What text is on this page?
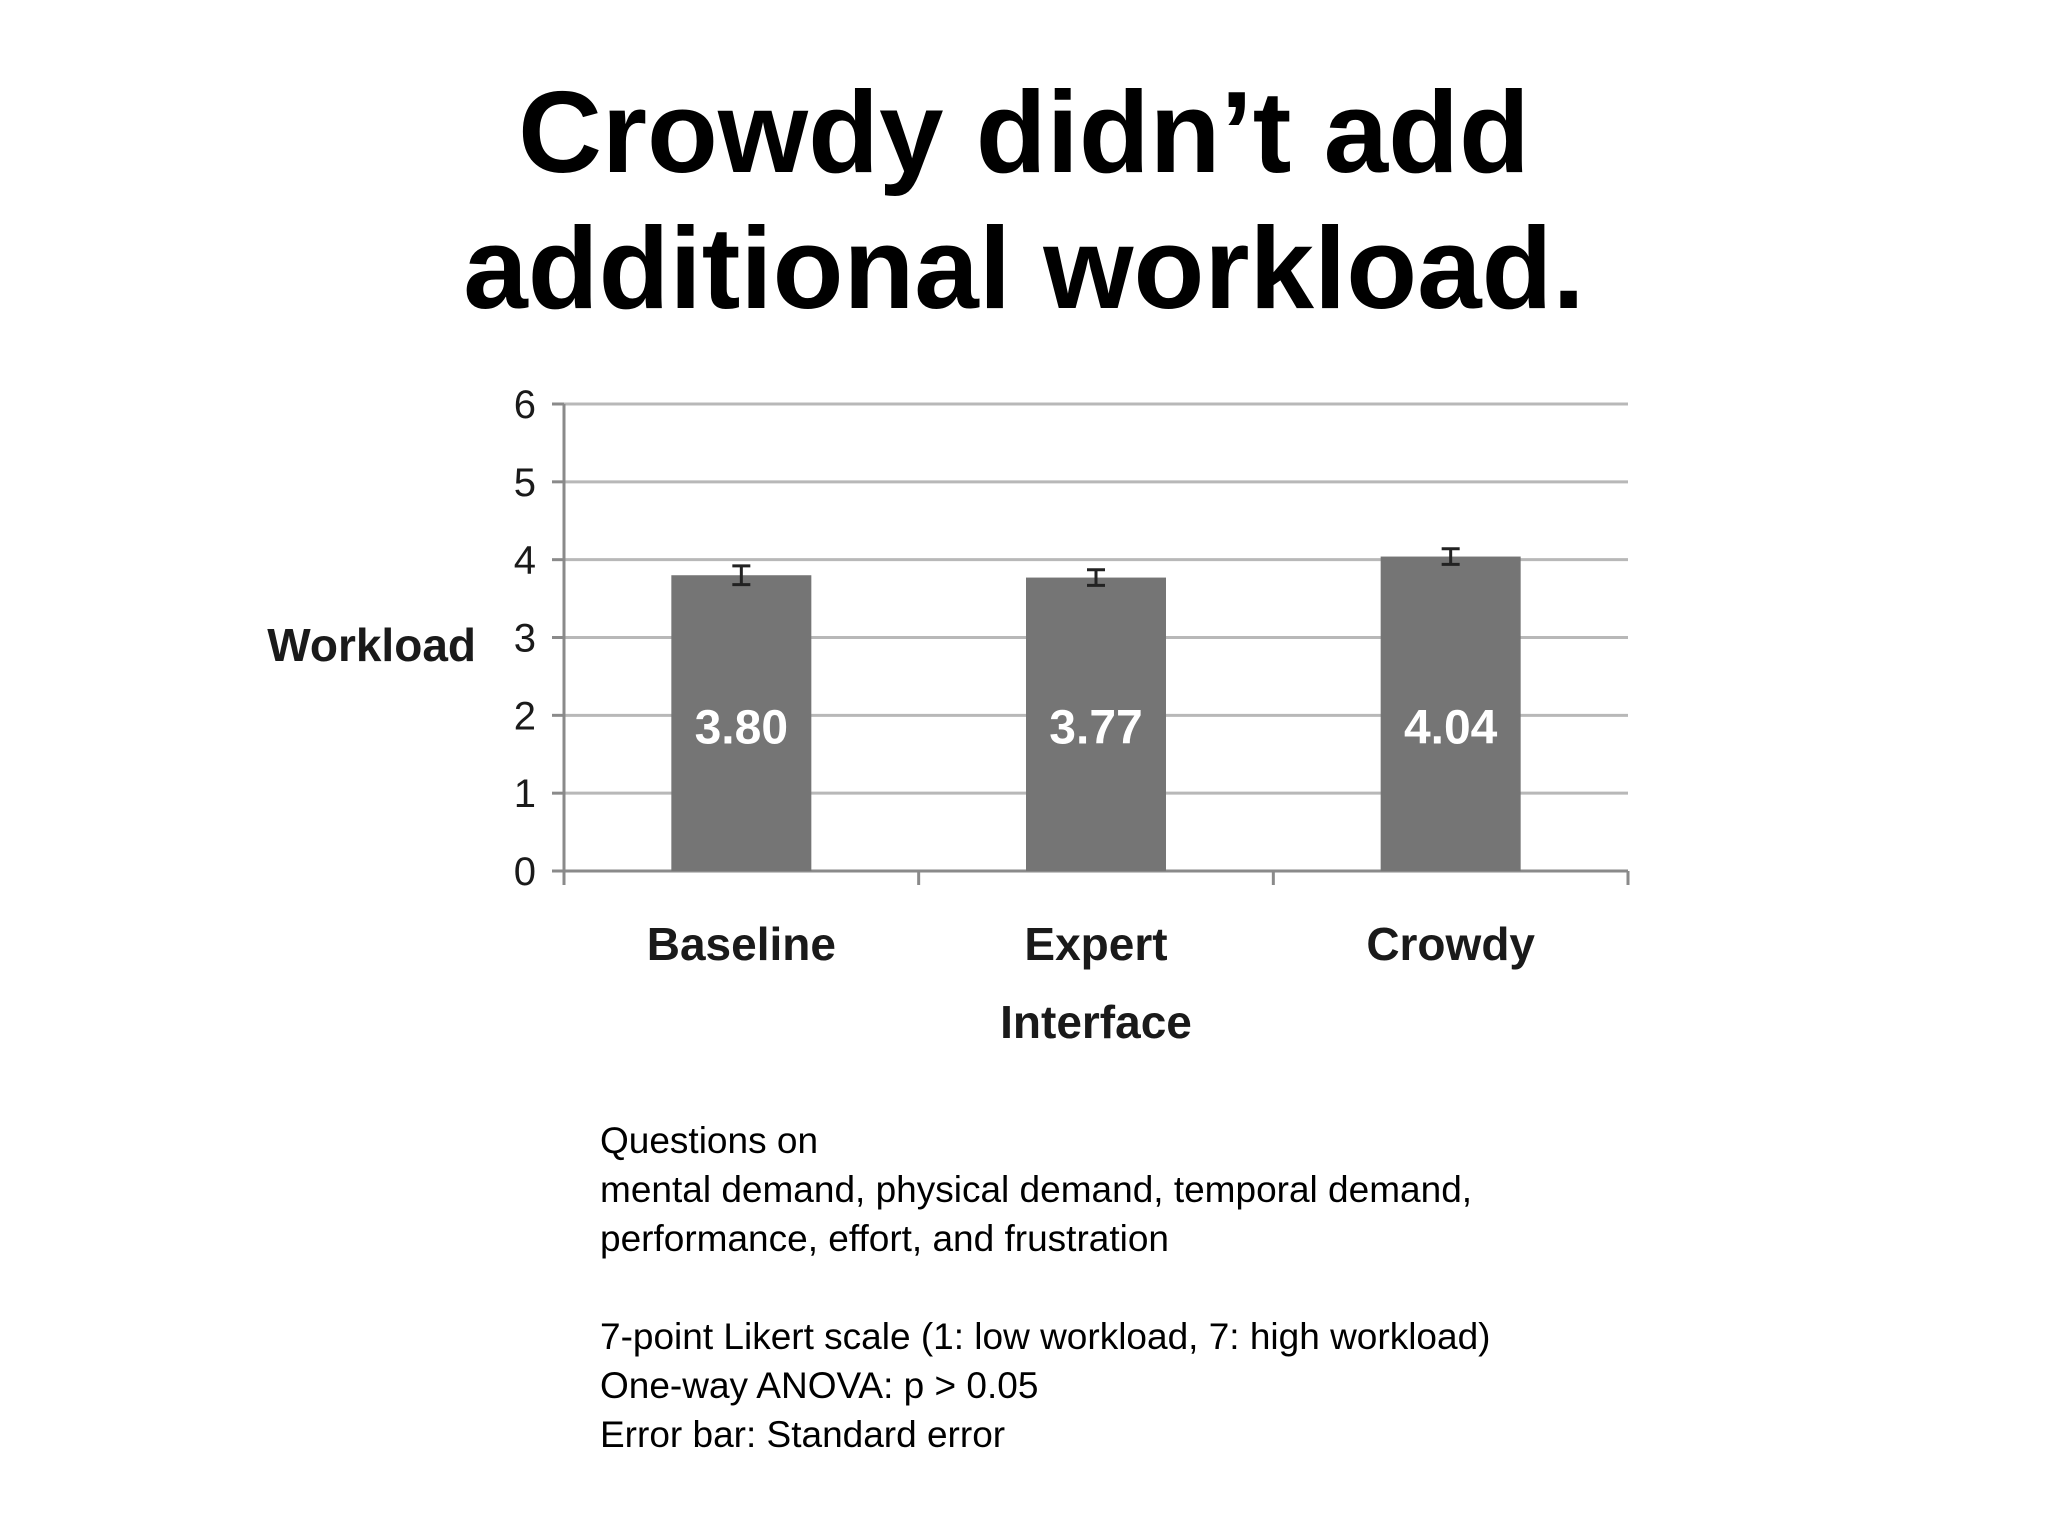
Crowdy didn’t add
additional workload.
0
1
2
3
4
5
6
Workload
3.80
Baseline
3.77
Expert Interface
4.04
Crowdy
Questions on
mental demand, physical demand, temporal demand,
performance, effort, and frustration
7-point Likert scale (1: low workload, 7: high workload)
One-way ANOVA: p > 0.05
Error bar: Standard error
